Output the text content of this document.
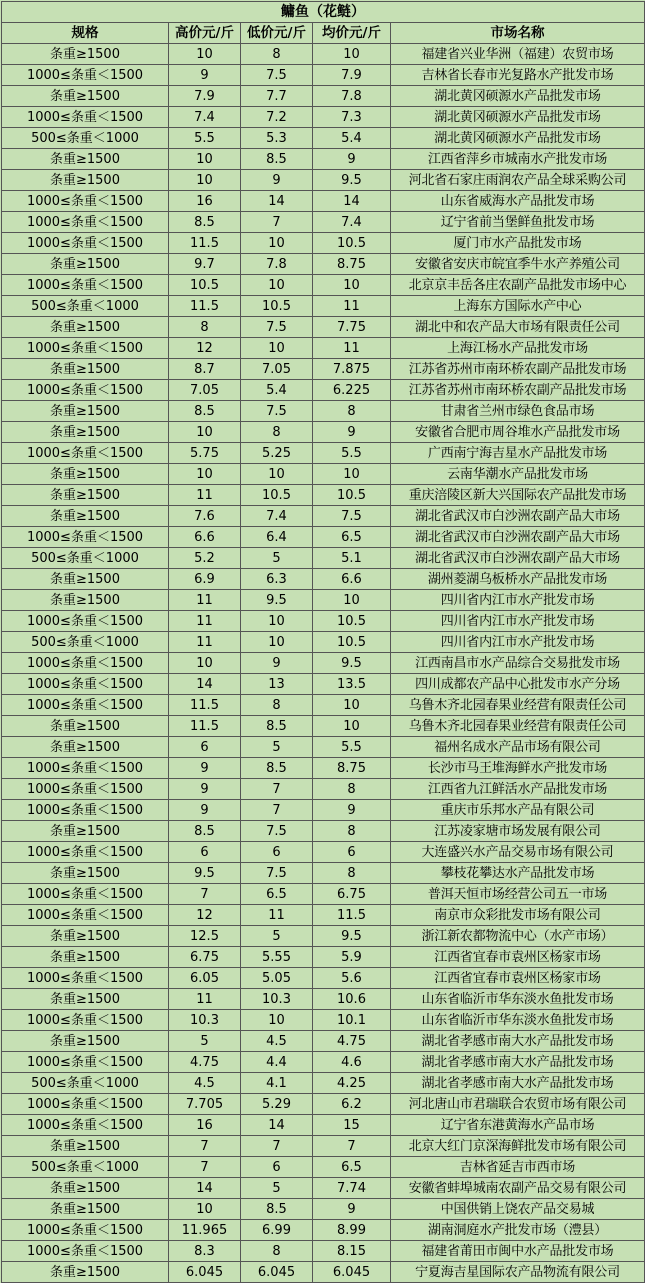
鳙鱼（花鲢）				
规格	高价元/斤	低价元/斤	均价元/斤	市场名称
条重≥1500	10	8	10	福建省兴业华洲（福建）农贸市场
1000≤条重＜1500	9	7.5	7.9	吉林省长春市光复路水产批发市场
条重≥1500	7.9	7.7	7.8	湖北黄冈硕源水产品批发市场
1000≤条重＜1500	7.4	7.2	7.3	湖北黄冈硕源水产品批发市场
500≤条重＜1000	5.5	5.3	5.4	湖北黄冈硕源水产品批发市场
条重≥1500	10	8.5	9	江西省萍乡市城南水产批发市场
条重≥1500	10	9	9.5	河北省石家庄雨润农产品全球采购公司
1000≤条重＜1500	16	14	14	山东省威海水产品批发市场
1000≤条重＜1500	8.5	7	7.4	辽宁省前当堡鲜鱼批发市场
1000≤条重＜1500	11.5	10	10.5	厦门市水产品批发市场
条重≥1500	9.7	7.8	8.75	安徽省安庆市皖宜季牛水产养殖公司
1000≤条重＜1500	10.5	10	10	北京京丰岳各庄农副产品批发市场中心
500≤条重＜1000	11.5	10.5	11	上海东方国际水产中心
条重≥1500	8	7.5	7.75	湖北中和农产品大市场有限责任公司
1000≤条重＜1500	12	10	11	上海江杨水产品批发市场
条重≥1500	8.7	7.05	7.875	江苏省苏州市南环桥农副产品批发市场
1000≤条重＜1500	7.05	5.4	6.225	江苏省苏州市南环桥农副产品批发市场
条重≥1500	8.5	7.5	8	甘肃省兰州市绿色食品市场
条重≥1500	10	8	9	安徽省合肥市周谷堆水产品批发市场
1000≤条重＜1500	5.75	5.25	5.5	广西南宁海吉星水产品批发市场
条重≥1500	10	10	10	云南华潮水产品批发市场
条重≥1500	11	10.5	10.5	重庆涪陵区新大兴国际农产品批发市场
条重≥1500	7.6	7.4	7.5	湖北省武汉市白沙洲农副产品大市场
1000≤条重＜1500	6.6	6.4	6.5	湖北省武汉市白沙洲农副产品大市场
500≤条重＜1000	5.2	5	5.1	湖北省武汉市白沙洲农副产品大市场
条重≥1500	6.9	6.3	6.6	湖州菱湖乌板桥水产品批发市场
条重≥1500	11	9.5	10	四川省内江市水产批发市场
1000≤条重＜1500	11	10	10.5	四川省内江市水产批发市场
500≤条重＜1000	11	10	10.5	四川省内江市水产批发市场
1000≤条重＜1500	10	9	9.5	江西南昌市水产品综合交易批发市场
1000≤条重＜1500	14	13	13.5	四川成都农产品中心批发市水产分场
1000≤条重＜1500	11.5	8	10	乌鲁木齐北园春果业经营有限责任公司
条重≥1500	11.5	8.5	10	乌鲁木齐北园春果业经营有限责任公司
条重≥1500	6	5	5.5	福州名成水产品市场有限公司
1000≤条重＜1500	9	8.5	8.75	长沙市马王堆海鲜水产批发市场
1000≤条重＜1500	9	7	8	江西省九江鲜活水产品批发市场
1000≤条重＜1500	9	7	9	重庆市乐邦水产品有限公司
条重≥1500	8.5	7.5	8	江苏凌家塘市场发展有限公司
1000≤条重＜1500	6	6	6	大连盛兴水产品交易市场有限公司
条重≥1500	9.5	7.5	8	攀枝花攀达水产品批发市场
1000≤条重＜1500	7	6.5	6.75	普洱天恒市场经营公司五一市场
1000≤条重＜1500	12	11	11.5	南京市众彩批发市场有限公司
条重≥1500	12.5	5	9.5	浙江新农都物流中心（水产市场）
条重≥1500	6.75	5.55	5.9	江西省宜春市袁州区杨家市场
1000≤条重＜1500	6.05	5.05	5.6	江西省宜春市袁州区杨家市场
条重≥1500	11	10.3	10.6	山东省临沂市华东淡水鱼批发市场
1000≤条重＜1500	10.3	10	10.1	山东省临沂市华东淡水鱼批发市场
条重≥1500	5	4.5	4.75	湖北省孝感市南大水产品批发市场
1000≤条重＜1500	4.75	4.4	4.6	湖北省孝感市南大水产品批发市场
500≤条重＜1000	4.5	4.1	4.25	湖北省孝感市南大水产品批发市场
1000≤条重＜1500	7.705	5.29	6.2	河北唐山市君瑞联合农贸市场有限公司
1000≤条重＜1500	16	14	15	辽宁省东港黄海水产品市场
条重≥1500	7	7	7	北京大红门京深海鲜批发市场有限公司
500≤条重＜1000	7	6	6.5	吉林省延吉市西市场
条重≥1500	14	5	7.74	安徽省蚌埠城南农副产品交易有限公司
条重≥1500	10	8.5	9	中国供销上饶农产品交易城
1000≤条重＜1500	11.965	6.99	8.99	湖南洞庭水产批发市场（澧县）
1000≤条重＜1500	8.3	8	8.15	福建省莆田市闽中水产品批发市场
条重≥1500	6.045	6.045	6.045	宁夏海吉星国际农产品物流有限公司
